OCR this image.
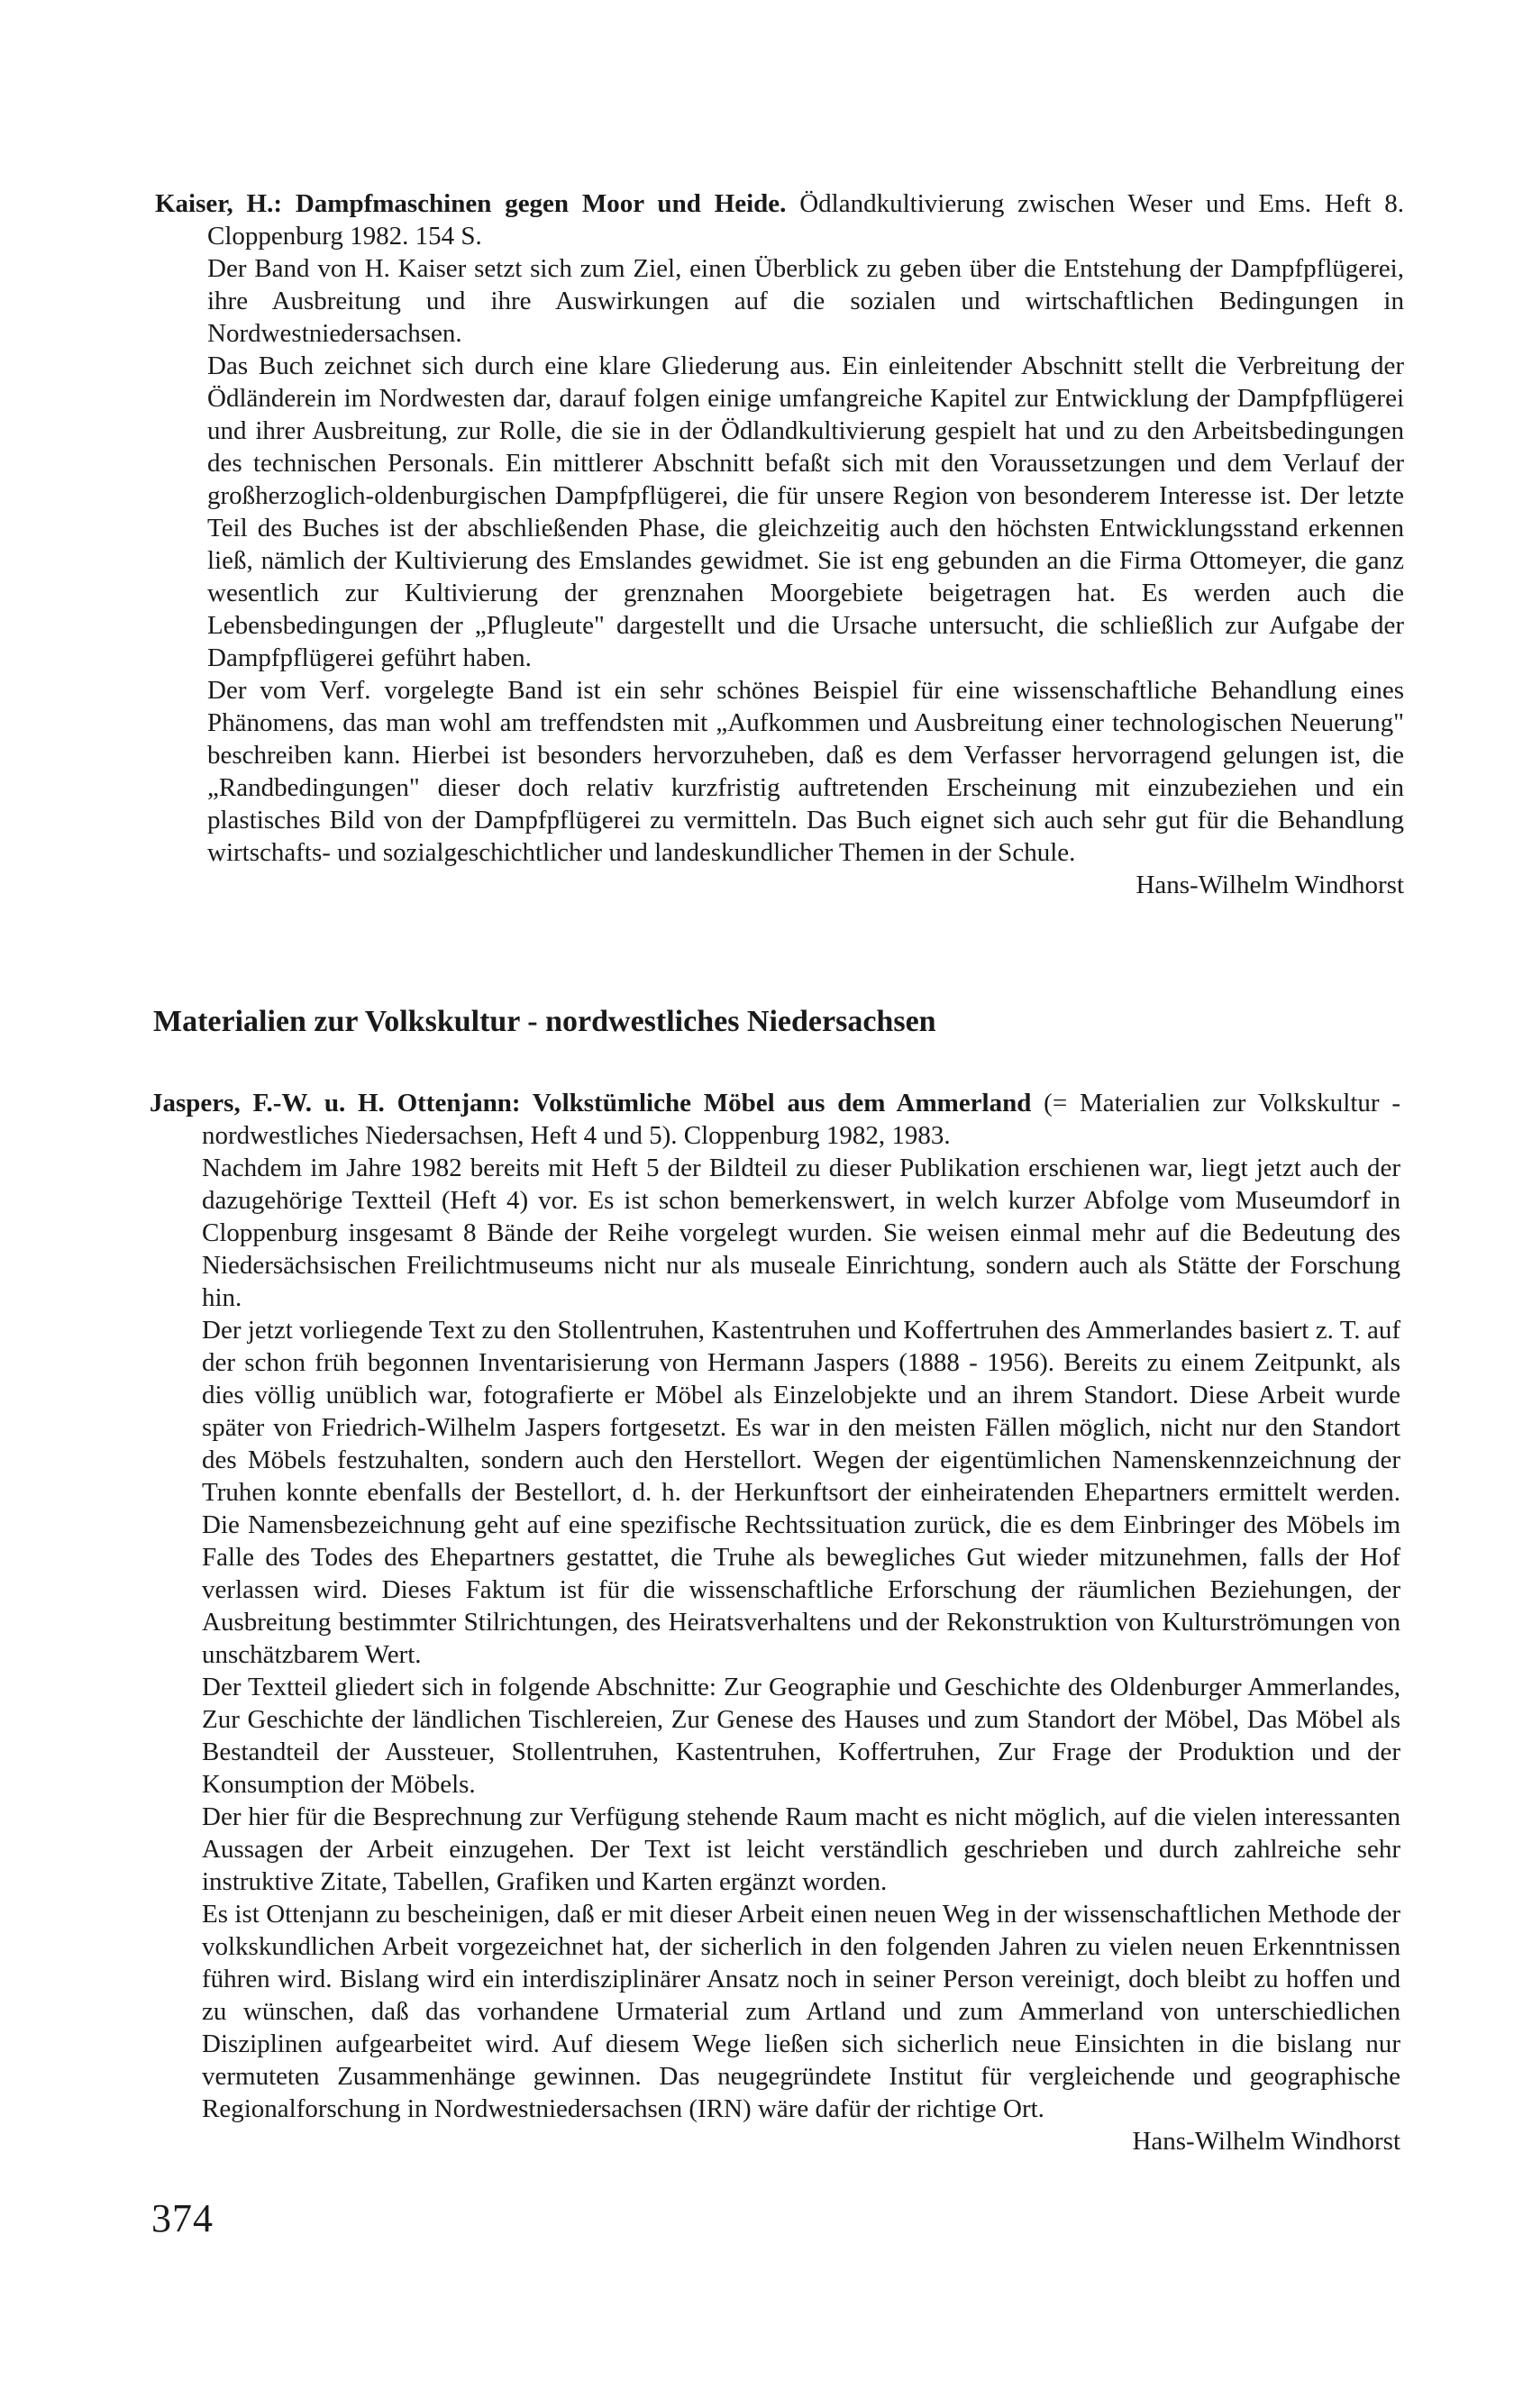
Kaiser, H.: Dampfmaschinen gegen Moor und Heide. Ödlandkultivierung zwischen Weser und Ems. Heft 8. Cloppenburg 1982. 154 S.

Der Band von H. Kaiser setzt sich zum Ziel, einen Überblick zu geben über die Entstehung der Dampfpflügerei, ihre Ausbreitung und ihre Auswirkungen auf die sozialen und wirtschaftlichen Bedingungen in Nordwestniedersachsen.

Das Buch zeichnet sich durch eine klare Gliederung aus. Ein einleitender Abschnitt stellt die Verbreitung der Ödländerein im Nordwesten dar, darauf folgen einige umfangreiche Kapitel zur Entwicklung der Dampfpflügerei und ihrer Ausbreitung, zur Rolle, die sie in der Ödlandkultivierung gespielt hat und zu den Arbeitsbedingungen des technischen Personals. Ein mittlerer Abschnitt befaßt sich mit den Voraussetzungen und dem Verlauf der großherzoglich-oldenburgischen Dampfpflügerei, die für unsere Region von besonderem Interesse ist. Der letzte Teil des Buches ist der abschließenden Phase, die gleichzeitig auch den höchsten Entwicklungsstand erkennen ließ, nämlich der Kultivierung des Emslandes gewidmet. Sie ist eng gebunden an die Firma Ottomeyer, die ganz wesentlich zur Kultivierung der grenznahen Moorgebiete beigetragen hat. Es werden auch die Lebensbedingungen der „Pflugleute" dargestellt und die Ursache untersucht, die schließlich zur Aufgabe der Dampfpflügerei geführt haben.

Der vom Verf. vorgelegte Band ist ein sehr schönes Beispiel für eine wissenschaftliche Behandlung eines Phänomens, das man wohl am treffendsten mit „Aufkommen und Ausbreitung einer technologischen Neuerung" beschreiben kann. Hierbei ist besonders hervorzuheben, daß es dem Verfasser hervorragend gelungen ist, die „Randbedingungen" dieser doch relativ kurzfristig auftretenden Erscheinung mit einzubeziehen und ein plastisches Bild von der Dampfpflügerei zu vermitteln. Das Buch eignet sich auch sehr gut für die Behandlung wirtschafts- und sozialgeschichtlicher und landeskundlicher Themen in der Schule.

Hans-Wilhelm Windhorst
Materialien zur Volkskultur - nordwestliches Niedersachsen
Jaspers, F.-W. u. H. Ottenjann: Volkstümliche Möbel aus dem Ammerland (= Materialien zur Volkskultur - nordwestliches Niedersachsen, Heft 4 und 5). Cloppenburg 1982, 1983.

Nachdem im Jahre 1982 bereits mit Heft 5 der Bildteil zu dieser Publikation erschienen war, liegt jetzt auch der dazugehörige Textteil (Heft 4) vor. Es ist schon bemerkenswert, in welch kurzer Abfolge vom Museumdorf in Cloppenburg insgesamt 8 Bände der Reihe vorgelegt wurden. Sie weisen einmal mehr auf die Bedeutung des Niedersächsischen Freilichtmuseums nicht nur als museale Einrichtung, sondern auch als Stätte der Forschung hin.

Der jetzt vorliegende Text zu den Stollentruhen, Kastentruhen und Koffertruhen des Ammerlandes basiert z. T. auf der schon früh begonnen Inventarisierung von Hermann Jaspers (1888 - 1956). Bereits zu einem Zeitpunkt, als dies völlig unüblich war, fotografierte er Möbel als Einzelobjekte und an ihrem Standort. Diese Arbeit wurde später von Friedrich-Wilhelm Jaspers fortgesetzt. Es war in den meisten Fällen möglich, nicht nur den Standort des Möbels festzuhalten, sondern auch den Herstellort. Wegen der eigentümlichen Namenskennzeichnung der Truhen konnte ebenfalls der Bestellort, d. h. der Herkunftsort der einheiratenden Ehepartners ermittelt werden. Die Namensbezeichnung geht auf eine spezifische Rechtssituation zurück, die es dem Einbringer des Möbels im Falle des Todes des Ehepartners gestattet, die Truhe als bewegliches Gut wieder mitzunehmen, falls der Hof verlassen wird. Dieses Faktum ist für die wissenschaftliche Erforschung der räumlichen Beziehungen, der Ausbreitung bestimmter Stilrichtungen, des Heiratsverhaltens und der Rekonstruktion von Kulturströmungen von unschätzbarem Wert.

Der Textteil gliedert sich in folgende Abschnitte: Zur Geographie und Geschichte des Oldenburger Ammerlandes, Zur Geschichte der ländlichen Tischlereien, Zur Genese des Hauses und zum Standort der Möbel, Das Möbel als Bestandteil der Aussteuer, Stollentruhen, Kastentruhen, Koffertruhen, Zur Frage der Produktion und der Konsumption der Möbels.

Der hier für die Besprechnung zur Verfügung stehende Raum macht es nicht möglich, auf die vielen interessanten Aussagen der Arbeit einzugehen. Der Text ist leicht verständlich geschrieben und durch zahlreiche sehr instruktive Zitate, Tabellen, Grafiken und Karten ergänzt worden.

Es ist Ottenjann zu bescheinigen, daß er mit dieser Arbeit einen neuen Weg in der wissenschaftlichen Methode der volkskundlichen Arbeit vorgezeichnet hat, der sicherlich in den folgenden Jahren zu vielen neuen Erkenntnissen führen wird. Bislang wird ein interdisziplinärer Ansatz noch in seiner Person vereinigt, doch bleibt zu hoffen und zu wünschen, daß das vorhandene Urmaterial zum Artland und zum Ammerland von unterschiedlichen Disziplinen aufgearbeitet wird. Auf diesem Wege ließen sich sicherlich neue Einsichten in die bislang nur vermuteten Zusammenhänge gewinnen. Das neugegründete Institut für vergleichende und geographische Regionalforschung in Nordwestniedersachsen (IRN) wäre dafür der richtige Ort.

Hans-Wilhelm Windhorst
374
